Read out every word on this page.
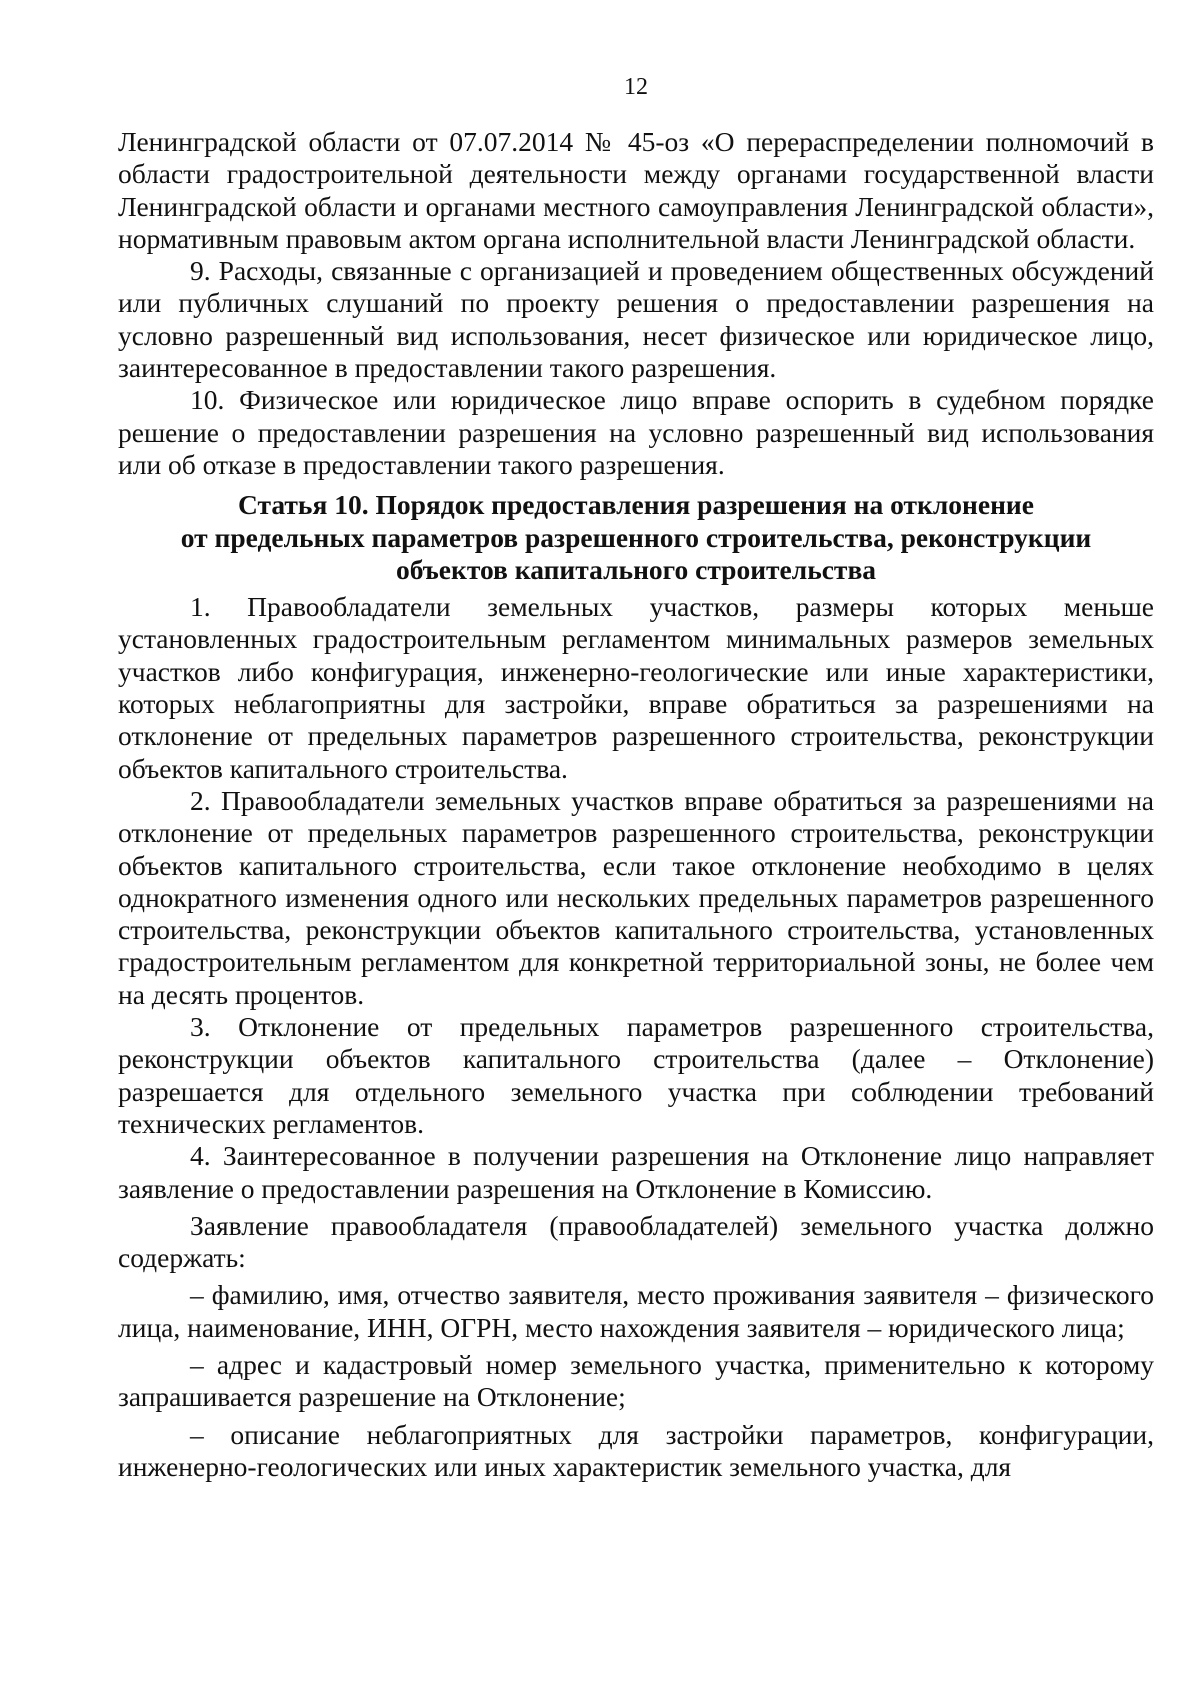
12

Ленинградской области от 07.07.2014 № 45-оз «О перераспределении полномочий в области градостроительной деятельности между органами государственной власти Ленинградской области и органами местного самоуправления Ленинградской области», нормативным правовым актом органа исполнительной власти Ленинградской области.

9. Расходы, связанные с организацией и проведением общественных обсуждений или публичных слушаний по проекту решения о предоставлении разрешения на условно разрешенный вид использования, несет физическое или юридическое лицо, заинтересованное в предоставлении такого разрешения.

10. Физическое или юридическое лицо вправе оспорить в судебном порядке решение о предоставлении разрешения на условно разрешенный вид использования или об отказе в предоставлении такого разрешения.

Статья 10. Порядок предоставления разрешения на отклонение
от предельных параметров разрешенного строительства, реконструкции
объектов капитального строительства

1. Правообладатели земельных участков, размеры которых меньше установленных градостроительным регламентом минимальных размеров земельных участков либо конфигурация, инженерно-геологические или иные характеристики, которых неблагоприятны для застройки, вправе обратиться за разрешениями на отклонение от предельных параметров разрешенного строительства, реконструкции объектов капитального строительства.

2. Правообладатели земельных участков вправе обратиться за разрешениями на отклонение от предельных параметров разрешенного строительства, реконструкции объектов капитального строительства, если такое отклонение необходимо в целях однократного изменения одного или нескольких предельных параметров разрешенного строительства, реконструкции объектов капитального строительства, установленных градостроительным регламентом для конкретной территориальной зоны, не более чем на десять процентов.

3. Отклонение от предельных параметров разрешенного строительства, реконструкции объектов капитального строительства (далее – Отклонение) разрешается для отдельного земельного участка при соблюдении требований технических регламентов.

4. Заинтересованное в получении разрешения на Отклонение лицо направляет заявление о предоставлении разрешения на Отклонение в Комиссию.

Заявление правообладателя (правообладателей) земельного участка должно содержать:

– фамилию, имя, отчество заявителя, место проживания заявителя – физического лица, наименование, ИНН, ОГРН, место нахождения заявителя – юридического лица;

– адрес и кадастровый номер земельного участка, применительно к которому запрашивается разрешение на Отклонение;

– описание неблагоприятных для застройки параметров, конфигурации, инженерно-геологических или иных характеристик земельного участка, для
